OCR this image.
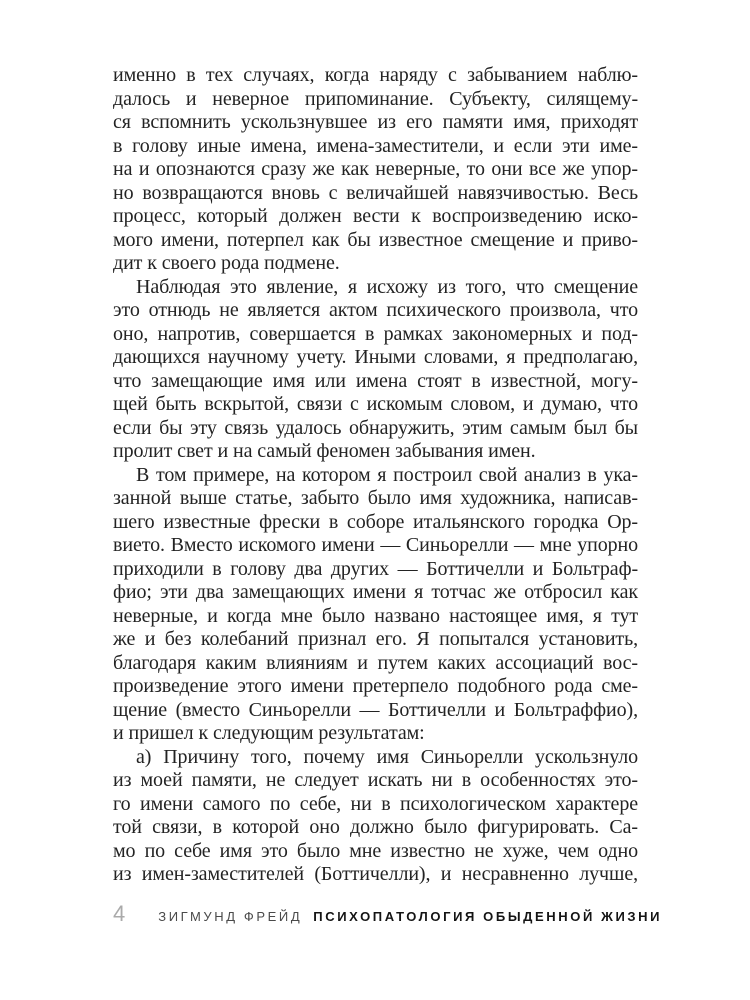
именно в тех случаях, когда наряду с забыванием наблю-
далось и неверное припоминание. Субъекту, силящему-
ся вспомнить ускользнувшее из его памяти имя, приходят
в голову иные имена, имена-заместители, и если эти име-
на и опознаются сразу же как неверные, то они все же упор-
но возвращаются вновь с величайшей навязчивостью. Весь
процесс, который должен вести к воспроизведению иско-
мого имени, потерпел как бы известное смещение и приво-
дит к своего рода подмене.
Наблюдая это явление, я исхожу из того, что смещение
это отнюдь не является актом психического произвола, что
оно, напротив, совершается в рамках закономерных и под-
дающихся научному учету. Иными словами, я предполагаю,
что замещающие имя или имена стоят в известной, могу-
щей быть вскрытой, связи с искомым словом, и думаю, что
если бы эту связь удалось обнаружить, этим самым был бы
пролит свет и на самый феномен забывания имен.
В том примере, на котором я построил свой анализ в ука-
занной выше статье, забыто было имя художника, написав-
шего известные фрески в соборе итальянского городка Ор-
вието. Вместо искомого имени — Синьорелли — мне упорно
приходили в голову два других — Боттичелли и Больтраф-
фио; эти два замещающих имени я тотчас же отбросил как
неверные, и когда мне было названо настоящее имя, я тут
же и без колебаний признал его. Я попытался установить,
благодаря каким влияниям и путем каких ассоциаций вос-
произведение этого имени претерпело подобного рода сме-
щение (вместо Синьорелли — Боттичелли и Больтраффио),
и пришел к следующим результатам:
а) Причину того, почему имя Синьорелли ускользнуло
из моей памяти, не следует искать ни в особенностях это-
го имени самого по себе, ни в психологическом характере
той связи, в которой оно должно было фигурировать. Са-
мо по себе имя это было мне известно не хуже, чем одно
из имен-заместителей (Боттичелли), и несравненно лучше,
4	ЗИГМУНД ФРЕЙД ПСИХОПАТОЛОГИЯ ОБЫДЕННОЙ ЖИЗНИ
